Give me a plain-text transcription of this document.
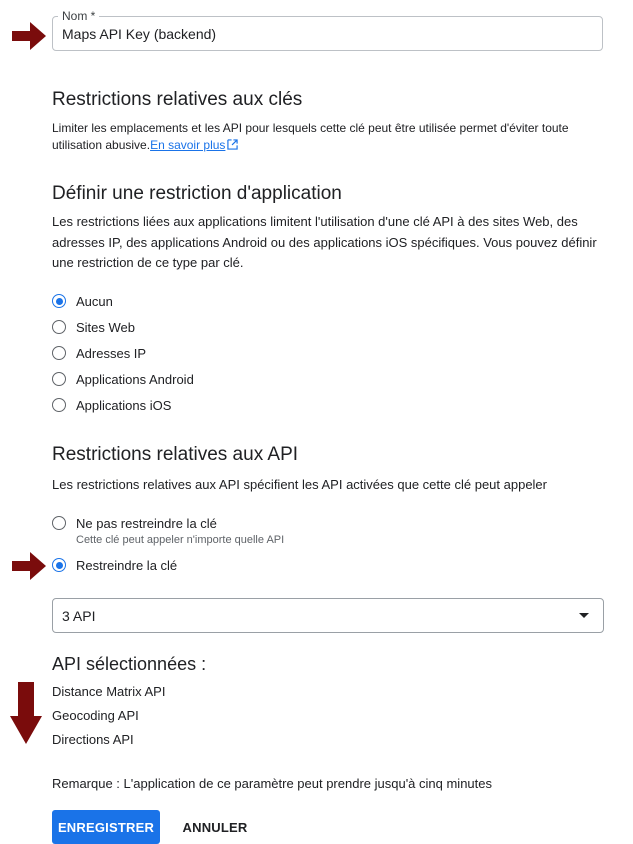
Nom *
Maps API Key (backend)
Restrictions relatives aux clés
Limiter les emplacements et les API pour lesquels cette clé peut être utilisée permet d'éviter toute utilisation abusive.En savoir plus
Définir une restriction d'application
Les restrictions liées aux applications limitent l'utilisation d'une clé API à des sites Web, des adresses IP, des applications Android ou des applications iOS spécifiques. Vous pouvez définir une restriction de ce type par clé.
Aucun
Sites Web
Adresses IP
Applications Android
Applications iOS
Restrictions relatives aux API
Les restrictions relatives aux API spécifient les API activées que cette clé peut appeler
Ne pas restreindre la clé
Cette clé peut appeler n'importe quelle API
Restreindre la clé
3 API
API sélectionnées :
Distance Matrix API
Geocoding API
Directions API
Remarque : L'application de ce paramètre peut prendre jusqu'à cinq minutes
ENREGISTRER	ANNULER
